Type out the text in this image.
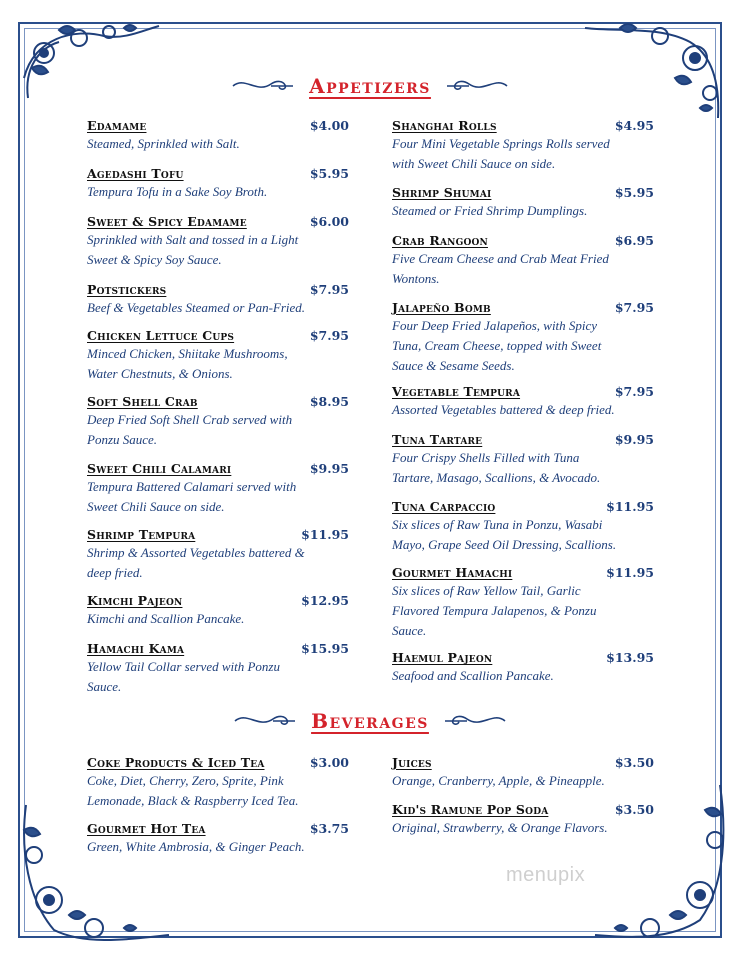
Appetizers
Edamame	$4.00
Steamed, Sprinkled with Salt.
Agedashi Tofu	$5.95
Tempura Tofu in a Sake Soy Broth.
Sweet & Spicy Edamame	$6.00
Sprinkled with Salt and tossed in a Light
Sweet & Spicy Soy Sauce.
Potstickers	$7.95
Beef & Vegetables Steamed or Pan-Fried.
Chicken Lettuce Cups	$7.95
Minced Chicken, Shiitake Mushrooms,
Water Chestnuts, & Onions.
Soft Shell Crab	$8.95
Deep Fried Soft Shell Crab served with
Ponzu Sauce.
Sweet Chili Calamari	$9.95
Tempura Battered Calamari served with
Sweet Chili Sauce on side.
Shrimp Tempura	$11.95
Shrimp & Assorted Vegetables battered &
deep fried.
Kimchi Pajeon	$12.95
Kimchi and Scallion Pancake.
Hamachi Kama	$15.95
Yellow Tail Collar served with Ponzu
Sauce.
Shanghai Rolls	$4.95
Four Mini Vegetable Springs Rolls served
with Sweet Chili Sauce on side.
Shrimp Shumai	$5.95
Steamed or Fried Shrimp Dumplings.
Crab Rangoon	$6.95
Five Cream Cheese and Crab Meat Fried
Wontons.
Jalapeño Bomb	$7.95
Four Deep Fried Jalapeños, with Spicy
Tuna, Cream Cheese, topped with Sweet
Sauce & Sesame Seeds.
Vegetable Tempura	$7.95
Assorted Vegetables battered & deep fried.
Tuna Tartare	$9.95
Four Crispy Shells Filled with Tuna
Tartare, Masago, Scallions, & Avocado.
Tuna Carpaccio	$11.95
Six slices of Raw Tuna in Ponzu, Wasabi
Mayo, Grape Seed Oil Dressing, Scallions.
Gourmet Hamachi	$11.95
Six slices of Raw Yellow Tail, Garlic
Flavored Tempura Jalapenos, & Ponzu
Sauce.
Haemul Pajeon	$13.95
Seafood and Scallion Pancake.
Beverages
Coke Products & Iced Tea	$3.00
Coke, Diet, Cherry, Zero, Sprite, Pink
Lemonade, Black & Raspberry Iced Tea.
Gourmet Hot Tea	$3.75
Green, White Ambrosia, & Ginger Peach.
Juices	$3.50
Orange, Cranberry, Apple, & Pineapple.
Kid's Ramune Pop Soda	$3.50
Original, Strawberry, & Orange Flavors.
menupix
